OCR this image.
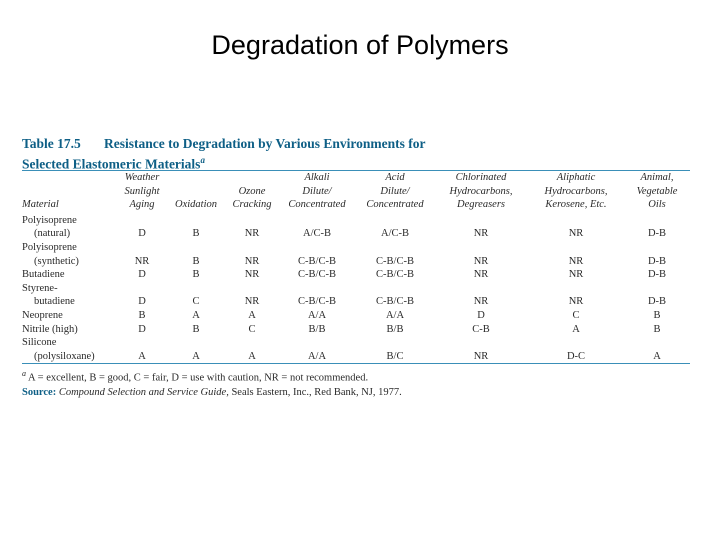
Degradation of Polymers
Table 17.5 Resistance to Degradation by Various Environments for
Selected Elastomeric Materials$^a$

Material	Weather
Sunlight
Aging	Oxidation	Ozone
Cracking	Alkali
Dilute/
Concentrated	Acid
Dilute/
Concentrated	Chlorinated
Hydrocarbons,
Degreasers	Aliphatic
Hydrocarbons,
Kerosene, Etc.	Animal,
Vegetable
Oils
Polyisoprene	D	B	NR	A/C-B	A/C-B	NR	NR	D-B
(natural)								
Polyisoprene	NR	B	NR	C-B/C-B	C-B/C-B	NR	NR	D-B
(synthetic)								
Butadiene	D	B	NR	C-B/C-B	C-B/C-B	NR	NR	D-B
Styrene-	D	C	NR	C-B/C-B	C-B/C-B	NR	NR	D-B
butadiene								
Neoprene	B	A	A	A/A	A/A	D	C	B
Nitrile (high)	D	B	C	B/B	B/B	C-B	A	B
Silicone	A	A	A	A/A	B/C	NR	D-C	A
(polysiloxane)								
$^a$ A = excellent, B = good, C = fair, D = use with caution, NR = not recommended.
Source: Compound Selection and Service Guide, Seals Eastern, Inc., Red Bank, NJ, 1977.
